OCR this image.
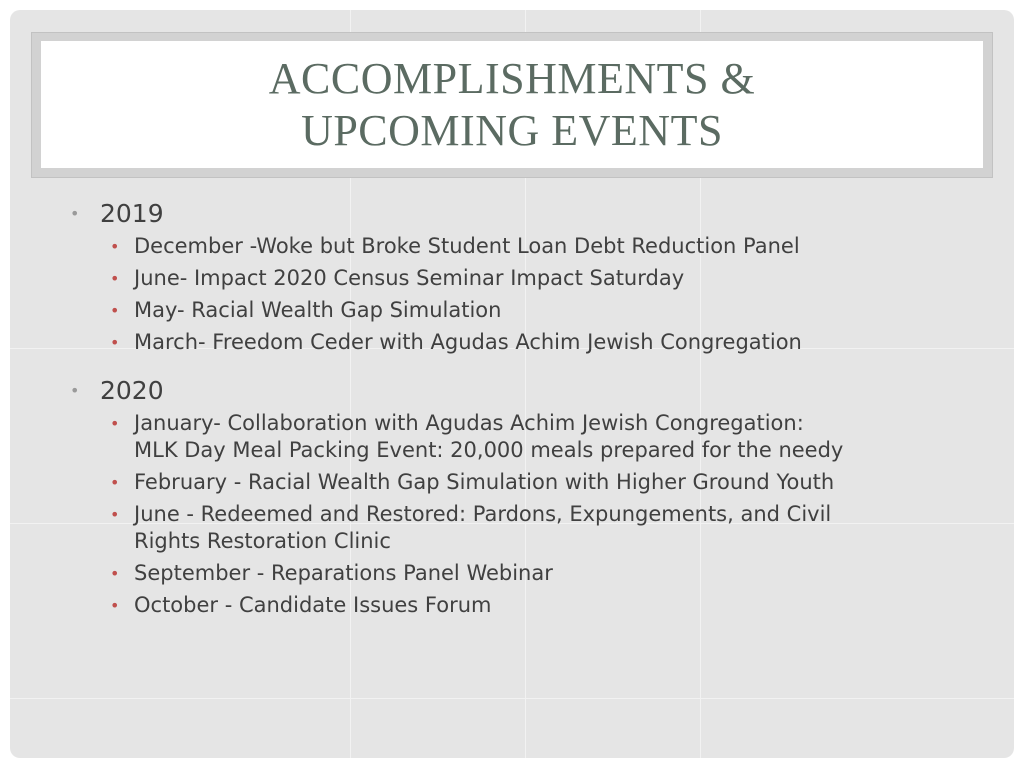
ACCOMPLISHMENTS &
UPCOMING EVENTS

• 2019

• December -Woke but Broke Student Loan Debt Reduction Panel
• June- Impact 2020 Census Seminar Impact Saturday
• May- Racial Wealth Gap Simulation
• March- Freedom Ceder with Agudas Achim Jewish Congregation

• 2020

• January- Collaboration with Agudas Achim Jewish Congregation:
MLK Day Meal Packing Event: 20,000 meals prepared for the needy
• February - Racial Wealth Gap Simulation with Higher Ground Youth
• June - Redeemed and Restored: Pardons, Expungements, and Civil
Rights Restoration Clinic
• September - Reparations Panel Webinar
• October - Candidate Issues Forum
